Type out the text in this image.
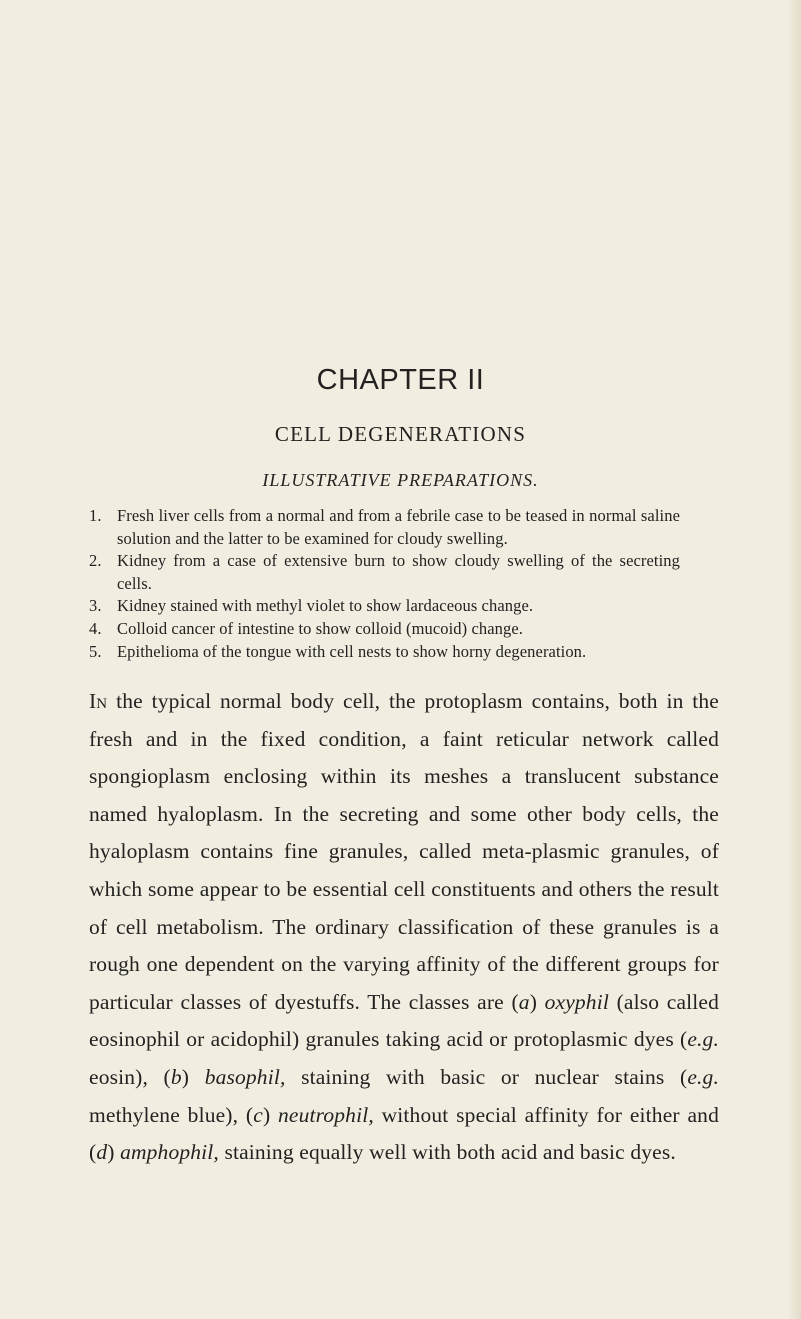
CHAPTER II
CELL DEGENERATIONS
ILLUSTRATIVE PREPARATIONS.
1. Fresh liver cells from a normal and from a febrile case to be teased in normal saline solution and the latter to be examined for cloudy swelling.
2. Kidney from a case of extensive burn to show cloudy swelling of the secreting cells.
3. Kidney stained with methyl violet to show lardaceous change.
4. Colloid cancer of intestine to show colloid (mucoid) change.
5. Epithelioma of the tongue with cell nests to show horny degeneration.

In the typical normal body cell, the protoplasm contains, both in the fresh and in the fixed condition, a faint reticular network called spongioplasm enclosing within its meshes a translucent substance named hyaloplasm. In the secreting and some other body cells, the hyaloplasm contains fine granules, called meta-plasmic granules, of which some appear to be essential cell constituents and others the result of cell metabolism. The ordinary classification of these granules is a rough one dependent on the varying affinity of the different groups for particular classes of dyestuffs. The classes are (a) oxyphil (also called eosinophil or acidophil) granules taking acid or protoplasmic dyes (e.g. eosin), (b) basophil, staining with basic or nuclear stains (e.g. methylene blue), (c) neutrophil, without special affinity for either and (d) amphophil, staining equally well with both acid and basic dyes.
